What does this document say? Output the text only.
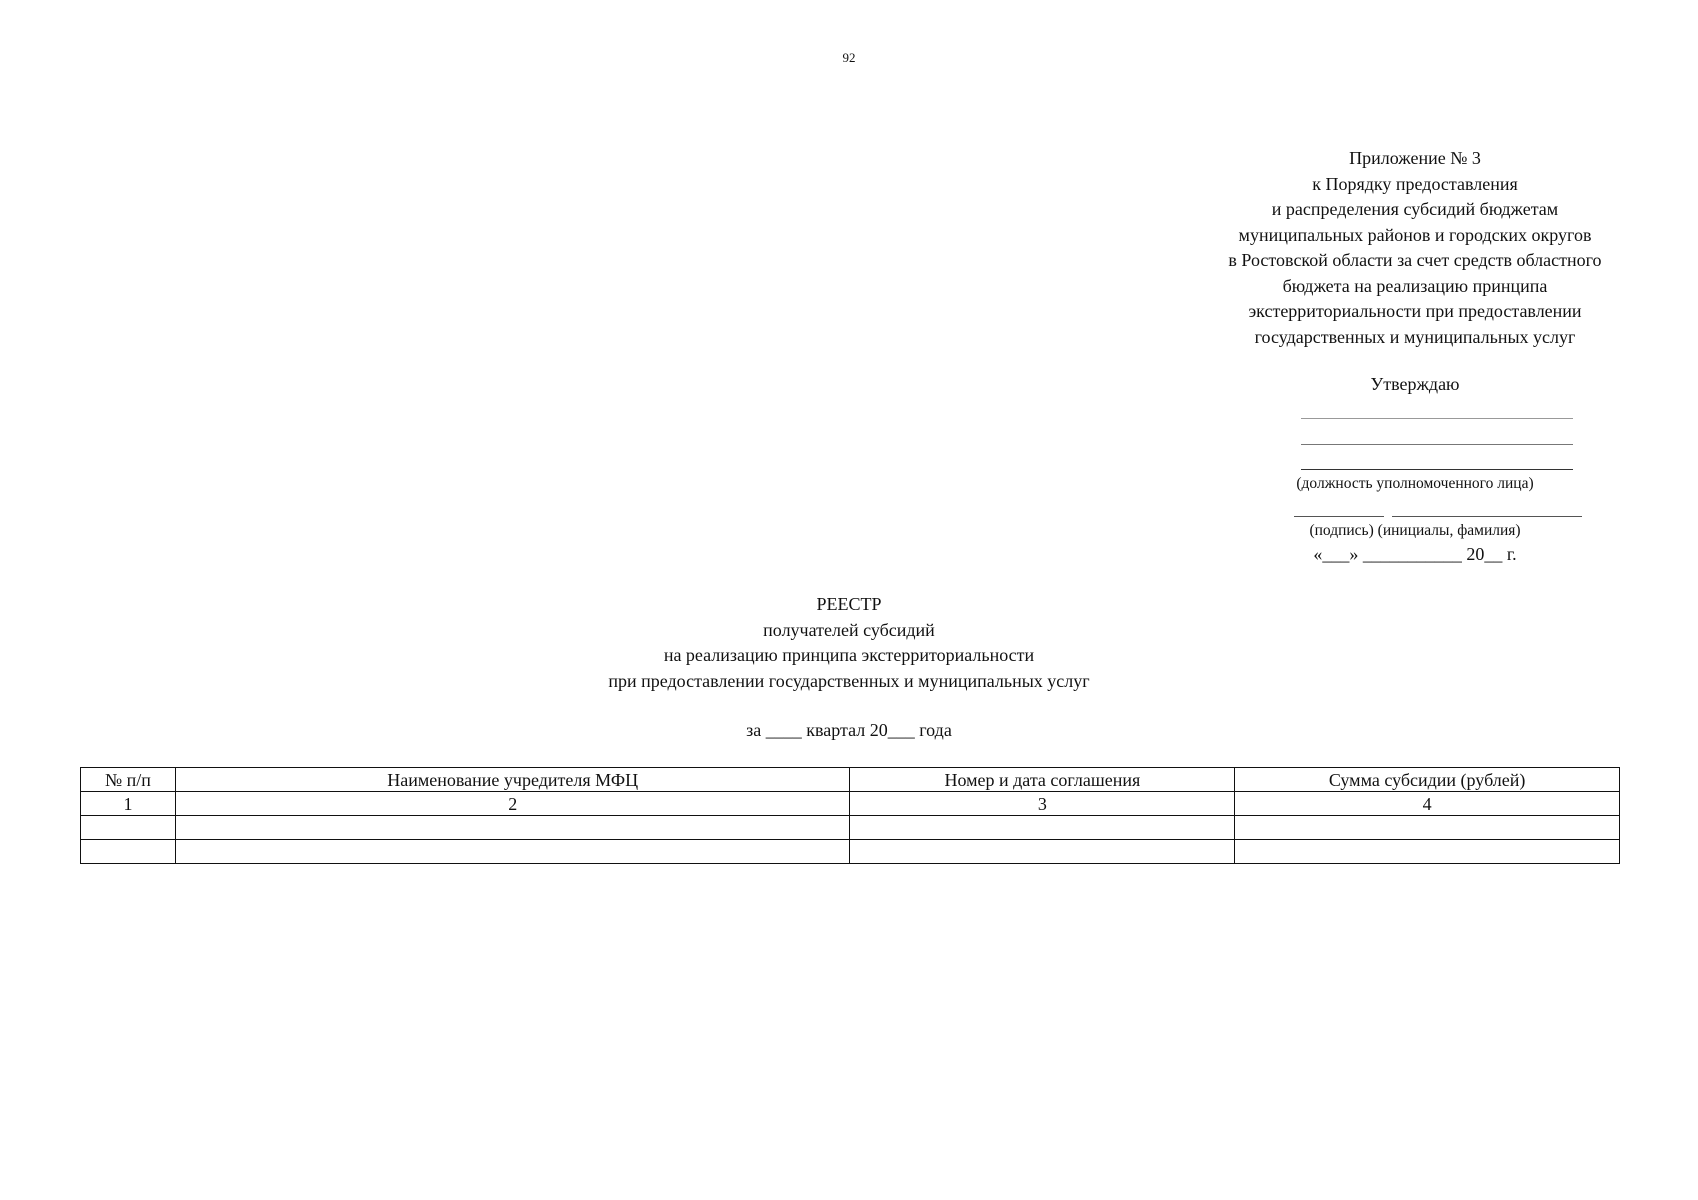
92
Приложение № 3
к Порядку предоставления
и распределения субсидий бюджетам
муниципальных районов и городских округов
в Ростовской области за счет средств областного
бюджета на реализацию принципа
экстерриториальности при предоставлении
государственных и муниципальных услуг
Утверждаю
(должность уполномоченного лица)
(подпись) (инициалы, фамилия)
«___» ___________ 20__ г.
РЕЕСТР
получателей субсидий
на реализацию принципа экстерриториальности
при предоставлении государственных и муниципальных услуг
за ____ квартал 20___ года
№ п/п	Наименование учредителя МФЦ	Номер и дата соглашения	Сумма субсидии (рублей)
1	2	3	4
